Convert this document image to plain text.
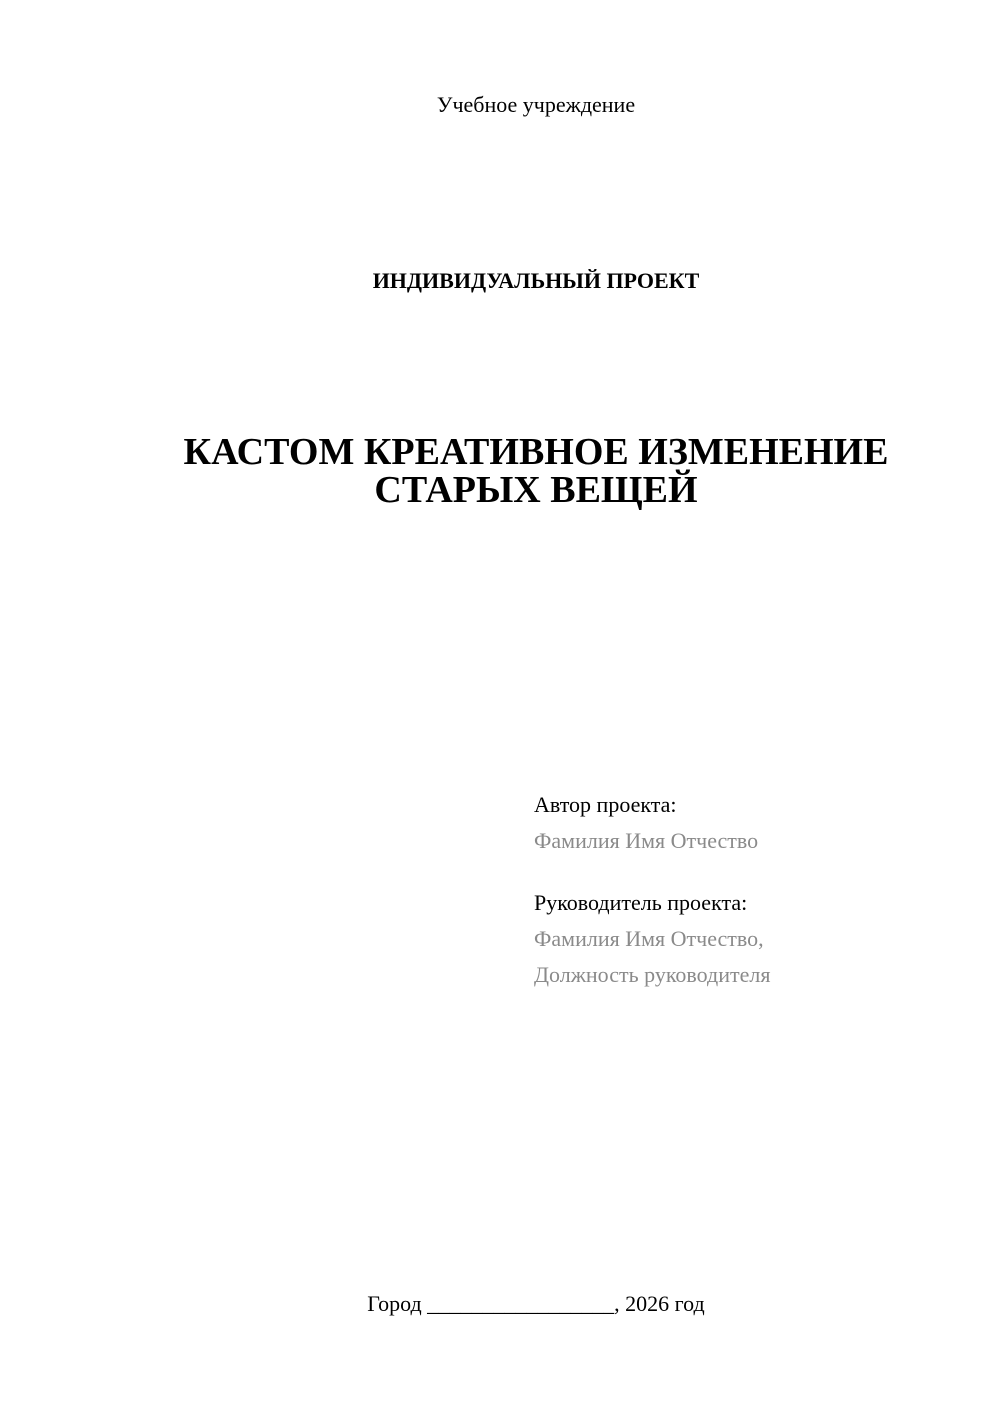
Учебное учреждение
ИНДИВИДУАЛЬНЫЙ ПРОЕКТ
КАСТОМ КРЕАТИВНОЕ ИЗМЕНЕНИЕ
СТАРЫХ ВЕЩЕЙ
Автор проекта:
Фамилия Имя Отчество
Руководитель проекта:
Фамилия Имя Отчество,
Должность руководителя
Город _________________, 2026 год
